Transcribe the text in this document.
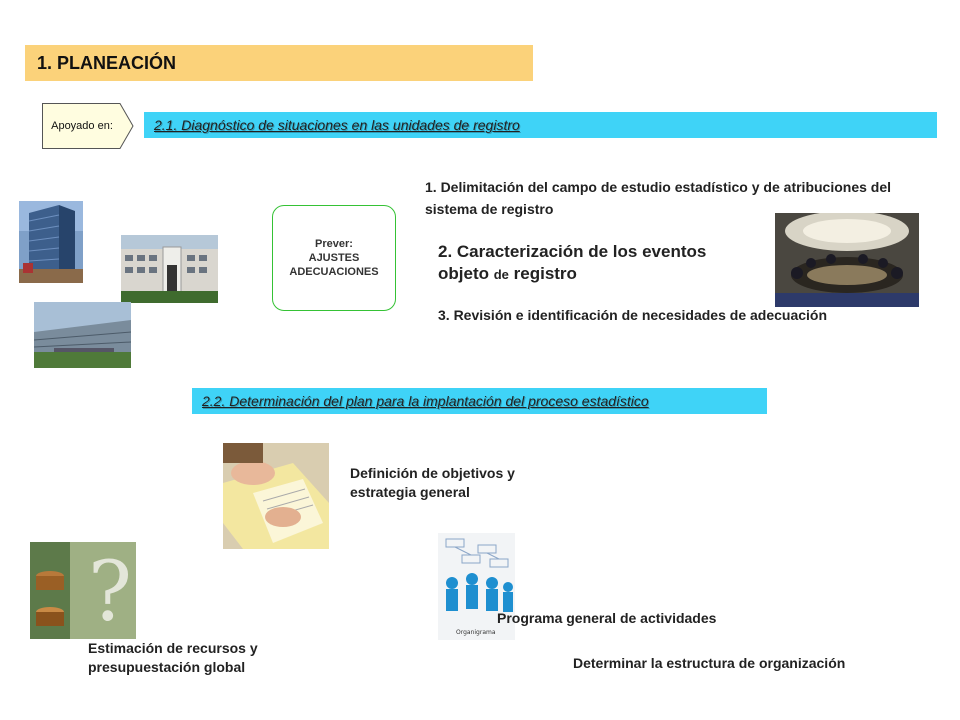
1. PLANEACIÓN
Apoyado en:	2.1. Diagnóstico de situaciones en las unidades de registro
Prever:
AJUSTES
ADECUACIONES
1. Delimitación del campo de estudio estadístico y de atribuciones del sistema de registro
2. Caracterización de los eventos objeto de registro
3. Revisión e identificación de necesidades de adecuación
2.2. Determinación del plan para la implantación del proceso estadístico
Definición de objetivos y estrategia general
?
Estimación de recursos y presupuestación global
Organigrama
Programa general de actividades
Determinar la estructura de organización
